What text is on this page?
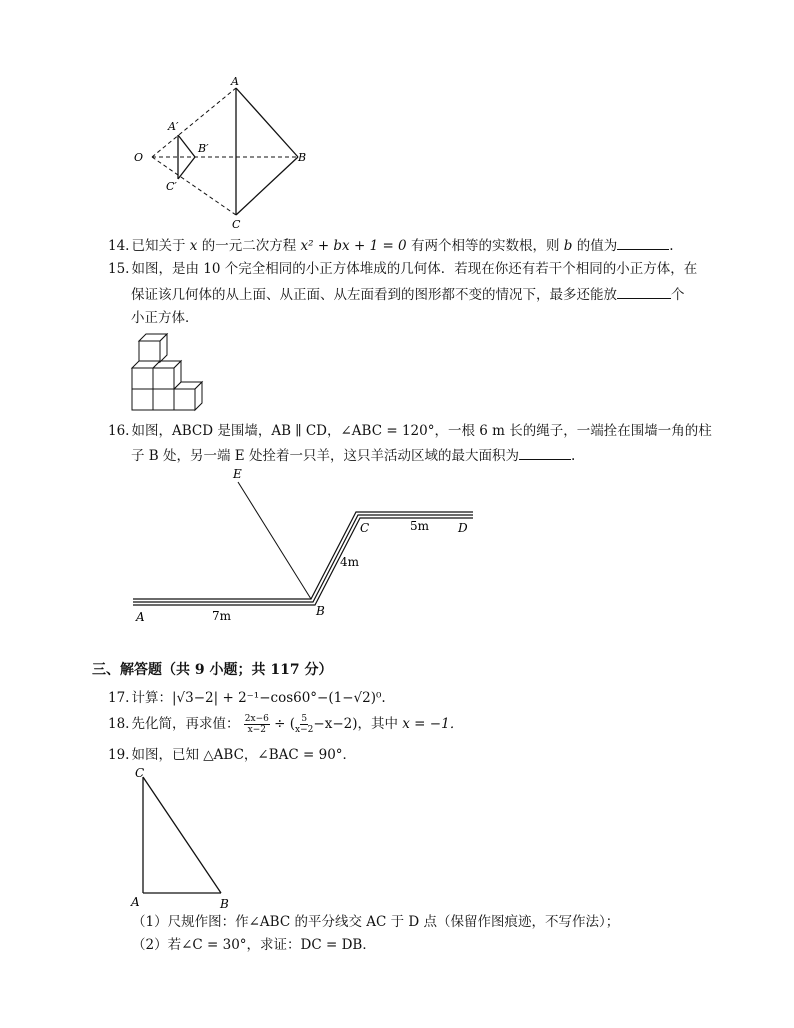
A
A′
B′
O	B
C′
C
14. 已知关于 x 的一元二次方程 x² + bx + 1 = 0 有两个相等的实数根，则 b 的值为	.
15. 如图，是由 10 个完全相同的小正方体堆成的几何体．若现在你还有若干个相同的小正方体，在
保证该几何体的从上面、从正面、从左面看到的图形都不变的情况下，最多还能放	个
小正方体．
16. 如图，ABCD 是围墙，AB ∥ CD，∠ABC = 120°，一根 6 m 长的绳子，一端拴在围墙一角的柱
子 B 处，另一端 E 处拴着一只羊，这只羊活动区域的最大面积为	.
E
C	5m D
4m
A	7m	B
三、解答题（共 9 小题；共 117 分）
17. 计算：|√3−2| + 2⁻¹−cos60°−(1−√2)⁰.
18. 先化简，再求值： $\frac{2x-6}{x-2}$ ÷ ( $\frac{5}{x-2} -x-2$)，其中 x = −1．
19. 如图，已知 △ABC，∠BAC = 90°．
C
A	B
（1）尺规作图：作∠ABC 的平分线交 AC 于 D 点（保留作图痕迹，不写作法）；
（2）若∠C = 30°，求证：DC = DB．
